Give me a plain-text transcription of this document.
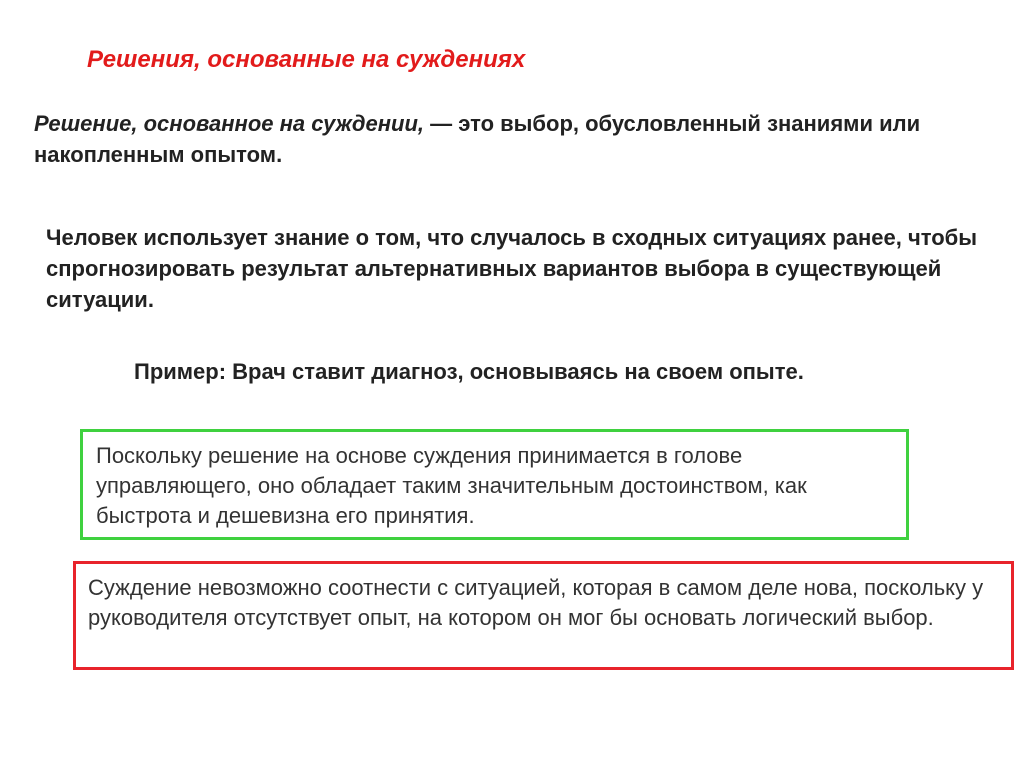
Решения, основанные на суждениях

Решение, основанное на суждении, — это выбор, обусловленный знаниями или накопленным опытом.

Человек использует знание о том, что случалось в сходных ситуациях ранее, чтобы спрогнозировать результат альтернативных вариантов выбора в существующей ситуации.

Пример: Врач ставит диагноз, основываясь на своем опыте.

Поскольку решение на основе суждения принимается в голове управляющего, оно обладает таким значительным достоинством, как быстрота и дешевизна его принятия.

Суждение невозможно соотнести с ситуацией, которая в самом деле нова, поскольку у руководителя отсутствует опыт, на котором он мог бы основать логический выбор.
